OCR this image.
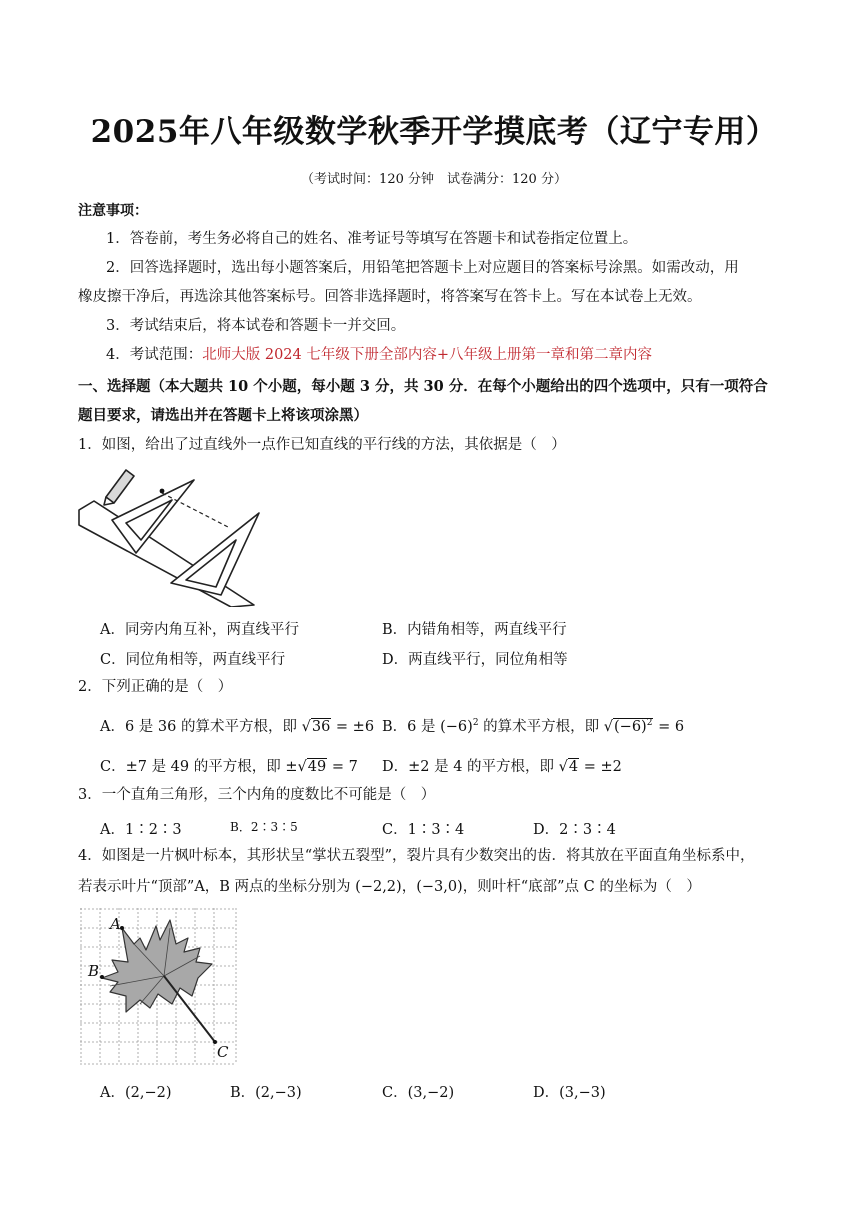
2025年八年级数学秋季开学摸底考（辽宁专用）
（考试时间：120 分钟　试卷满分：120 分）
注意事项：
1．答卷前，考生务必将自己的姓名、准考证号等填写在答题卡和试卷指定位置上。
2．回答选择题时，选出每小题答案后，用铅笔把答题卡上对应题目的答案标号涂黑。如需改动，用
橡皮擦干净后，再选涂其他答案标号。回答非选择题时，将答案写在答卡上。写在本试卷上无效。
3．考试结束后，将本试卷和答题卡一并交回。
4．考试范围：北师大版 2024 七年级下册全部内容+八年级上册第一章和第二章内容
一、选择题（本大题共 10 个小题，每小题 3 分，共 30 分．在每个小题给出的四个选项中，只有一项符合
题目要求，请选出并在答题卡上将该项涂黑）
1．如图，给出了过直线外一点作已知直线的平行线的方法，其依据是（　）
A．同旁内角互补，两直线平行	B．内错角相等，两直线平行
C．同位角相等，两直线平行	D．两直线平行，同位角相等
2．下列正确的是（　）
A．6 是 36 的算术平方根，即 √36 = ±6 B．6 是 $(-6)^2$ 的算术平方根，即 $√(-6)^2 = 6$
C．±7 是 49 的平方根，即 ±√49 = 7 D．±2 是 4 的平方根，即 √4 = ±2
3．一个直角三角形，三个内角的度数比不可能是（　）
A．1∶2∶3	B．2∶3∶5	C．1∶3∶4	D．2∶3∶4
4．如图是一片枫叶标本，其形状呈“掌状五裂型”，裂片具有少数突出的齿．将其放在平面直角坐标系中，
若表示叶片“顶部”A，B 两点的坐标分别为 (−2,2)，(−3,0)，则叶杆“底部”点 C 的坐标为（　）
A
B
C
A．(2,−2)	B．(2,−3)	C．(3,−2)	D．(3,−3)
